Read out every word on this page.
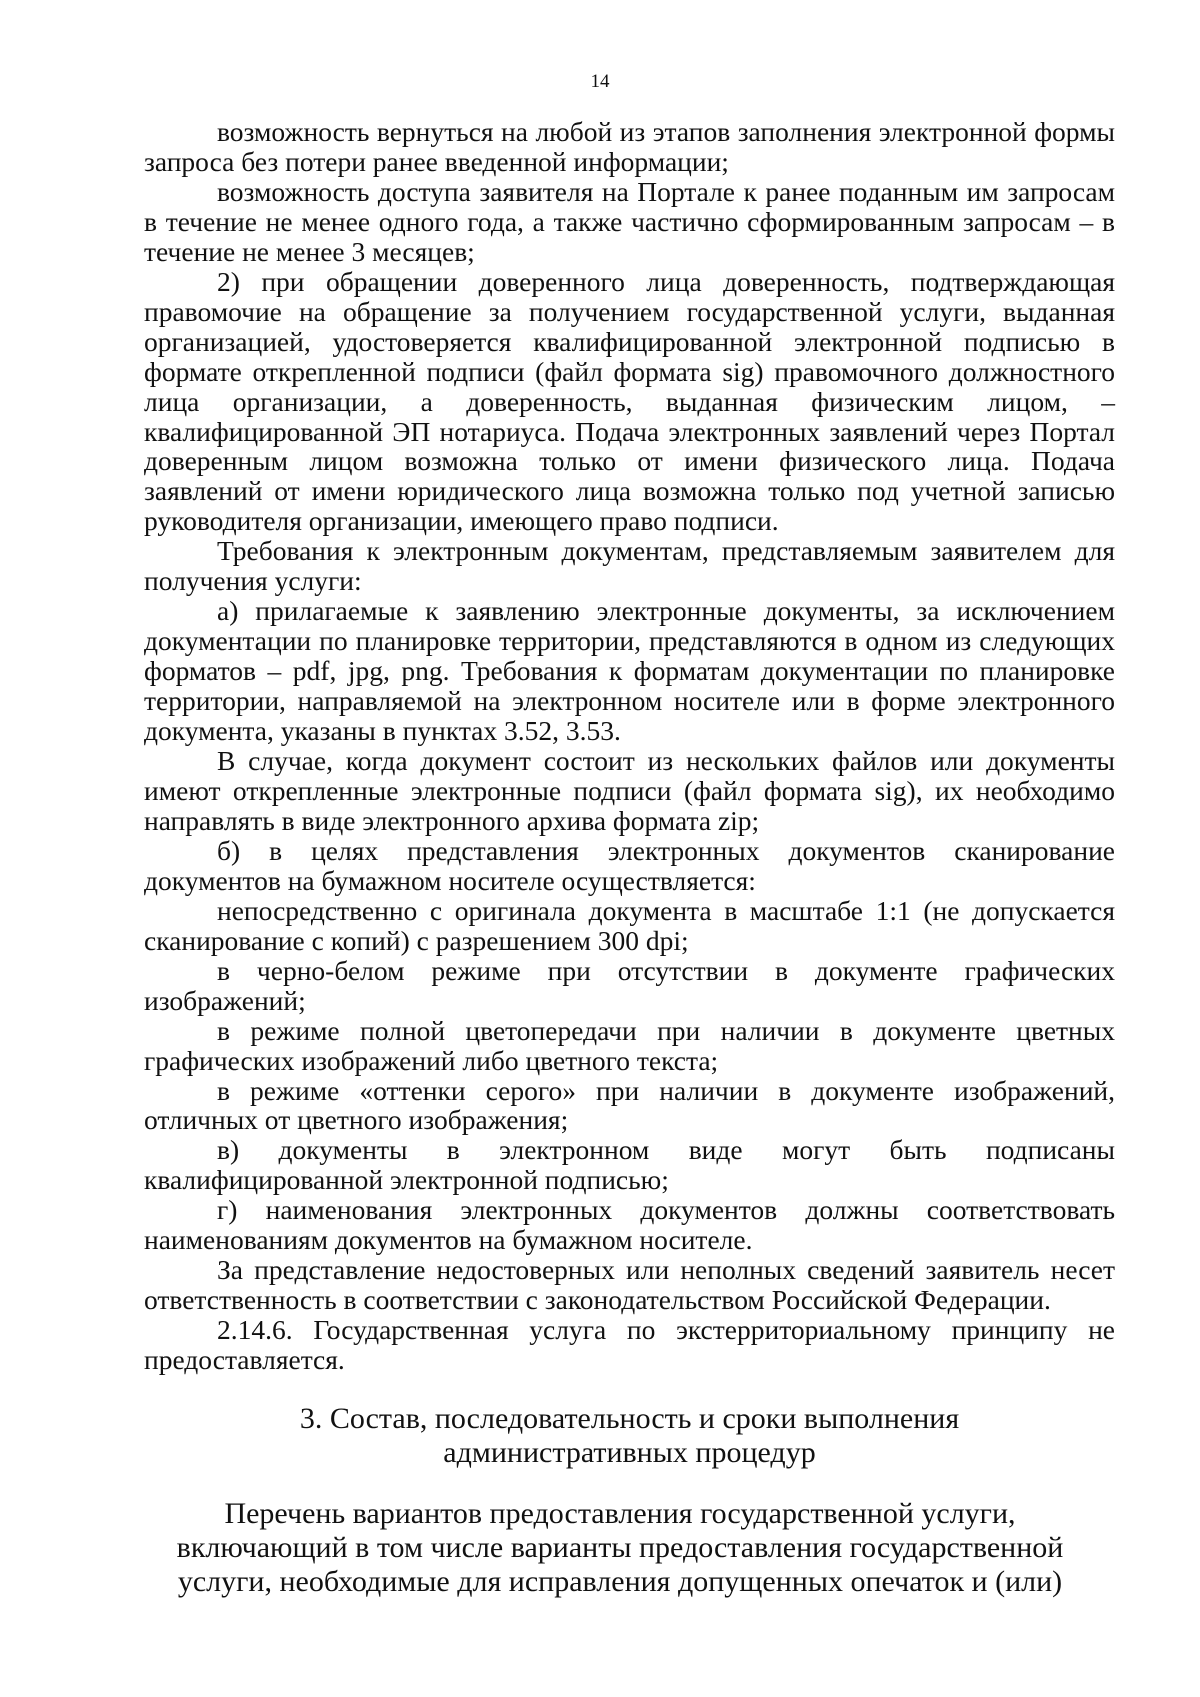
14

возможность вернуться на любой из этапов заполнения электронной формы запроса без потери ранее введенной информации;

возможность доступа заявителя на Портале к ранее поданным им запросам в течение не менее одного года, а также частично сформированным запросам – в течение не менее 3 месяцев;

2) при обращении доверенного лица доверенность, подтверждающая правомочие на обращение за получением государственной услуги, выданная организацией, удостоверяется квалифицированной электронной подписью в формате открепленной подписи (файл формата sig) правомочного должностного лица организации, а доверенность, выданная физическим лицом, – квалифицированной ЭП нотариуса. Подача электронных заявлений через Портал доверенным лицом возможна только от имени физического лица. Подача заявлений от имени юридического лица возможна только под учетной записью руководителя организации, имеющего право подписи.

Требования к электронным документам, представляемым заявителем для получения услуги:

а) прилагаемые к заявлению электронные документы, за исключением документации по планировке территории, представляются в одном из следующих форматов – pdf, jpg, png. Требования к форматам документации по планировке территории, направляемой на электронном носителе или в форме электронного документа, указаны в пунктах 3.52, 3.53.

В случае, когда документ состоит из нескольких файлов или документы имеют открепленные электронные подписи (файл формата sig), их необходимо направлять в виде электронного архива формата zip;

б) в целях представления электронных документов сканирование документов на бумажном носителе осуществляется:

непосредственно с оригинала документа в масштабе 1:1 (не допускается сканирование с копий) с разрешением 300 dpi;

в черно-белом режиме при отсутствии в документе графических изображений;

в режиме полной цветопередачи при наличии в документе цветных графических изображений либо цветного текста;

в режиме «оттенки серого» при наличии в документе изображений, отличных от цветного изображения;

в) документы в электронном виде могут быть подписаны квалифицированной электронной подписью;

г) наименования электронных документов должны соответствовать наименованиям документов на бумажном носителе.

За представление недостоверных или неполных сведений заявитель несет ответственность в соответствии с законодательством Российской Федерации.

2.14.6. Государственная услуга по экстерриториальному принципу не предоставляется.

3. Состав, последовательность и сроки выполнения
административных процедур
Перечень вариантов предоставления государственной услуги,
включающий в том числе варианты предоставления государственной
услуги, необходимые для исправления допущенных опечаток и (или)
